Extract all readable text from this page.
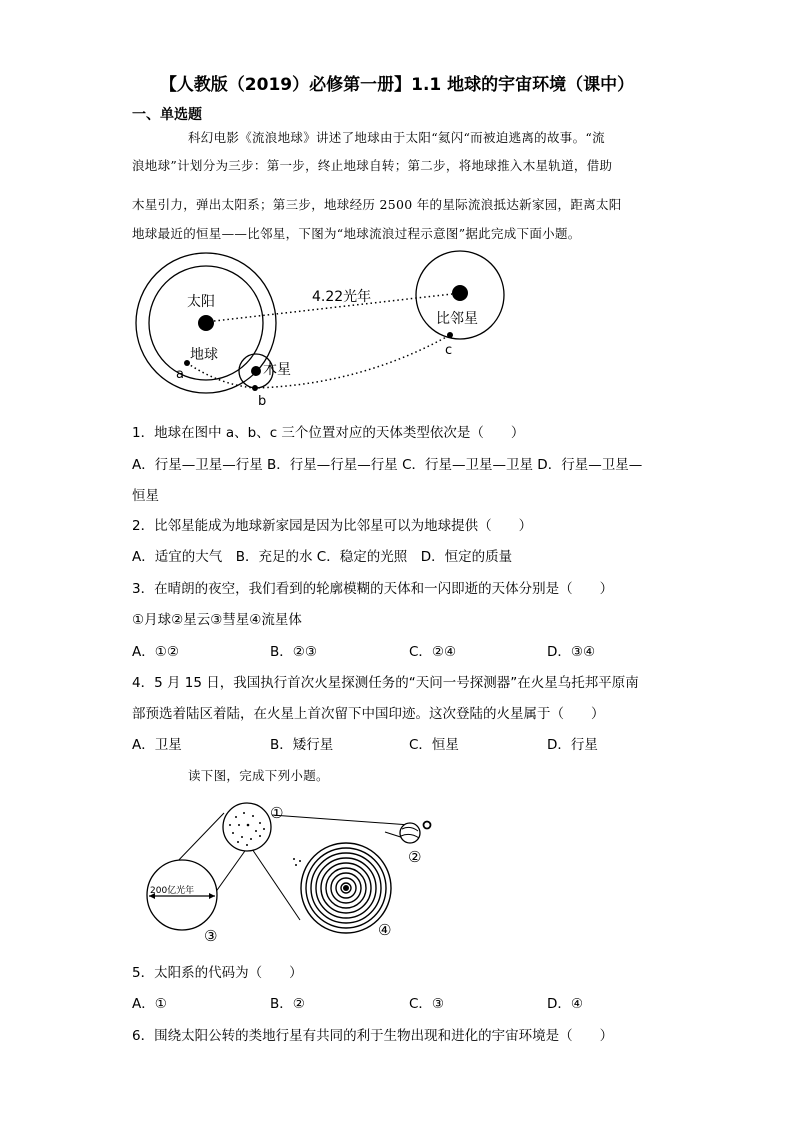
【人教版（2019）必修第一册】1.1 地球的宇宙环境（课中）
一、单选题
科幻电影《流浪地球》讲述了地球由于太阳“氦闪“而被迫逃离的故事。“流
浪地球”计划分为三步：第一步，终止地球自转；第二步，将地球推入木星轨道，借助
木星引力，弹出太阳系；第三步，地球经历 2500 年的星际流浪抵达新家园，距离太阳
地球最近的恒星——比邻星，下图为“地球流浪过程示意图”据此完成下面小题。
太阳
地球
木星
比邻星
4.22光年
a
b
c
1．地球在图中 a、b、c 三个位置对应的天体类型依次是（　　）
A．行星—卫星—行星 B．行星—行星—行星 C．行星—卫星—卫星 D．行星—卫星—
恒星
2．比邻星能成为地球新家园是因为比邻星可以为地球提供（　　）
A．适宜的大气　B．充足的水 C．稳定的光照　D．恒定的质量
3．在晴朗的夜空，我们看到的轮廓模糊的天体和一闪即逝的天体分别是（　　）
①月球②星云③彗星④流星体
A．①②	B．②③	C．②④	D．③④
4．5 月 15 日，我国执行首次火星探测任务的“天问一号探测器”在火星乌托邦平原南
部预选着陆区着陆，在火星上首次留下中国印迹。这次登陆的火星属于（　　）
A．卫星	B．矮行星	C．恒星	D．行星
读下图，完成下列小题。
①
②
③	④
200亿光年
5．太阳系的代码为（　　）
A．①	B．②	C．③	D．④
6．围绕太阳公转的类地行星有共同的利于生物出现和进化的宇宙环境是（　　）
